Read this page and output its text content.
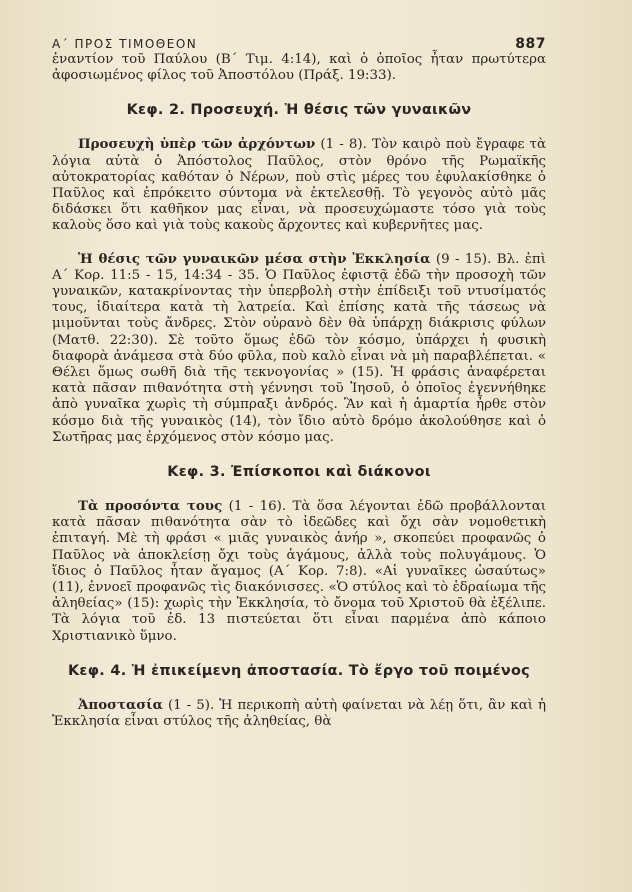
Α΄ ΠΡΟΣ ΤΙΜΟΘΕΟΝ	887

ἐναντίον τοῦ Παύλου (Β΄ Τιμ. 4:14), καὶ ὁ ὁποῖος ἦταν πρωτύτερα ἀφοσιωμένος φίλος τοῦ Ἀποστόλου (Πράξ. 19:33).

Κεφ. 2. Προσευχή. Ἡ θέσις τῶν γυναικῶν

Προσευχὴ ὑπὲρ τῶν ἀρχόντων (1 - 8). Τὸν καιρὸ ποὺ ἔγραφε τὰ λόγια αὐτὰ ὁ Ἀπόστολος Παῦλος, στὸν θρόνο τῆς Ρωμαϊκῆς αὐτοκρατορίας καθόταν ὁ Νέρων, ποὺ στὶς μέρες του ἐφυλακίσθηκε ὁ Παῦλος καὶ ἐπρόκειτο σύντομα νὰ ἐκτελεσθῇ. Τὸ γεγονὸς αὐτὸ μᾶς διδάσκει ὅτι καθῆκον μας εἶναι, νὰ προσευχώμαστε τόσο γιὰ τοὺς καλοὺς ὅσο καὶ γιὰ τοὺς κακοὺς ἄρχοντες καὶ κυβερνῆτες μας.

Ἡ θέσις τῶν γυναικῶν μέσα στὴν Ἐκκλησία (9 - 15). Βλ. ἐπὶ Α΄ Κορ. 11:5 - 15, 14:34 - 35. Ὁ Παῦλος ἐφιστᾷ ἐδῶ τὴν προσοχὴ τῶν γυναικῶν, κατακρίνοντας τὴν ὑπερβολὴ στὴν ἐπίδειξι τοῦ ντυσίματός τους, ἰδιαίτερα κατὰ τὴ λατρεία. Καὶ ἐπίσης κατὰ τῆς τάσεως νὰ μιμοῦνται τοὺς ἄνδρες. Στὸν οὐρανὸ δὲν θὰ ὑπάρχῃ διάκρισις φύλων (Ματθ. 22:30). Σὲ τοῦτο ὅμως ἐδῶ τὸν κόσμο, ὑπάρχει ἡ φυσικὴ διαφορὰ ἀνάμεσα στὰ δύο φῦλα, ποὺ καλὸ εἶναι νὰ μὴ παραβλέπεται. « Θέλει ὅμως σωθῆ διὰ τῆς τεκνογονίας » (15). Ἡ φράσις ἀναφέρεται κατὰ πᾶσαν πιθανότητα στὴ γέννησι τοῦ Ἰησοῦ, ὁ ὁποῖος ἐγεννήθηκε ἀπὸ γυναῖκα χωρὶς τὴ σύμπραξι ἀνδρός. Ἂν καὶ ἡ ἁμαρτία ἦρθε στὸν κόσμο διὰ τῆς γυναικὸς (14), τὸν ἴδιο αὐτὸ δρόμο ἀκολούθησε καὶ ὁ Σωτῆρας μας ἐρχόμενος στὸν κόσμο μας.

Κεφ. 3. Ἐπίσκοποι καὶ διάκονοι

Τὰ προσόντα τους (1 - 16). Τὰ ὅσα λέγονται ἐδῶ προβάλλονται κατὰ πᾶσαν πιθανότητα σὰν τὸ ἰδεῶδες καὶ ὄχι σὰν νομοθετικὴ ἐπιταγή. Μὲ τὴ φράσι « μιᾶς γυναικὸς ἀνήρ », σκοπεύει προφανῶς ὁ Παῦλος νὰ ἀποκλείσῃ ὄχι τοὺς ἀγάμους, ἀλλὰ τοὺς πολυγάμους. Ὁ ἴδιος ὁ Παῦλος ἦταν ἄγαμος (Α΄ Κορ. 7:8). «Αἱ γυναῖκες ὡσαύτως» (11), ἐννοεῖ προφανῶς τὶς διακόνισσες. «Ὁ στύλος καὶ τὸ ἑδραίωμα τῆς ἀληθείας» (15): χωρὶς τὴν Ἐκκλησία, τὸ ὄνομα τοῦ Χριστοῦ θὰ ἐξέλιπε. Τὰ λόγια τοῦ ἐδ. 13 πιστεύεται ὅτι εἶναι παρμένα ἀπὸ κάποιο Χριστιανικὸ ὕμνο.

Κεφ. 4. Ἡ ἐπικείμενη ἀποστασία. Τὸ ἔργο τοῦ ποιμένος

Ἀποστασία (1 - 5). Ἡ περικοπὴ αὐτὴ φαίνεται νὰ λέῃ ὅτι, ἂν καὶ ἡ Ἐκκλησία εἶναι στύλος τῆς ἀληθείας, θὰ
